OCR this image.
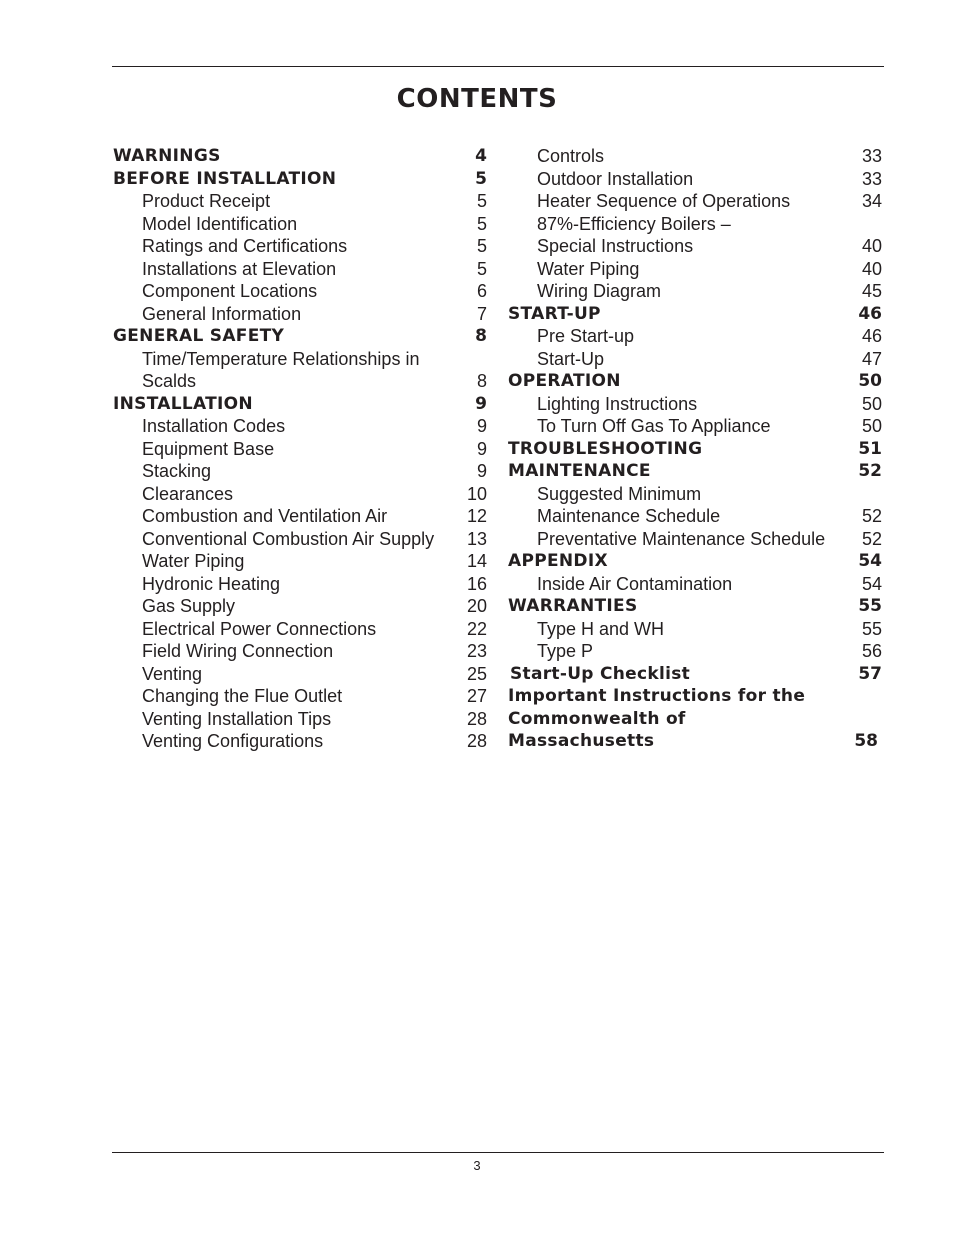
CONTENTS
WARNINGS	4
BEFORE INSTALLATION	5
Product Receipt	5
Model Identification	5
Ratings and Certifications	5
Installations at Elevation	5
Component Locations	6
General Information	7
GENERAL SAFETY	8
Time/Temperature Relationships in
Scalds	8
INSTALLATION	9
Installation Codes	9
Equipment Base	9
Stacking	9
Clearances	10
Combustion and Ventilation Air	12
Conventional Combustion Air Supply 13
Water Piping	14
Hydronic Heating	16
Gas Supply	20
Electrical Power Connections	22
Field Wiring Connection	23
Venting	25
Changing the Flue Outlet	27
Venting Installation Tips	28
Venting Configurations	28
Controls	33
Outdoor Installation	33
Heater Sequence of Operations	34
87%-Efficiency Boilers –
Special Instructions	40
Water Piping	40
Wiring Diagram	45
START-UP	46
Pre Start-up	46
Start-Up	47
OPERATION	50
Lighting Instructions	50
To Turn Off Gas To Appliance	50
TROUBLESHOOTING	51
MAINTENANCE	52
Suggested Minimum
Maintenance Schedule	52
Preventative Maintenance Schedule 52
APPENDIX	54
Inside Air Contamination	54
WARRANTIES	55
Type H and WH	55
Type P	56
Start-Up Checklist	57
Important Instructions for the
Commonwealth of
Massachusetts	58
3
